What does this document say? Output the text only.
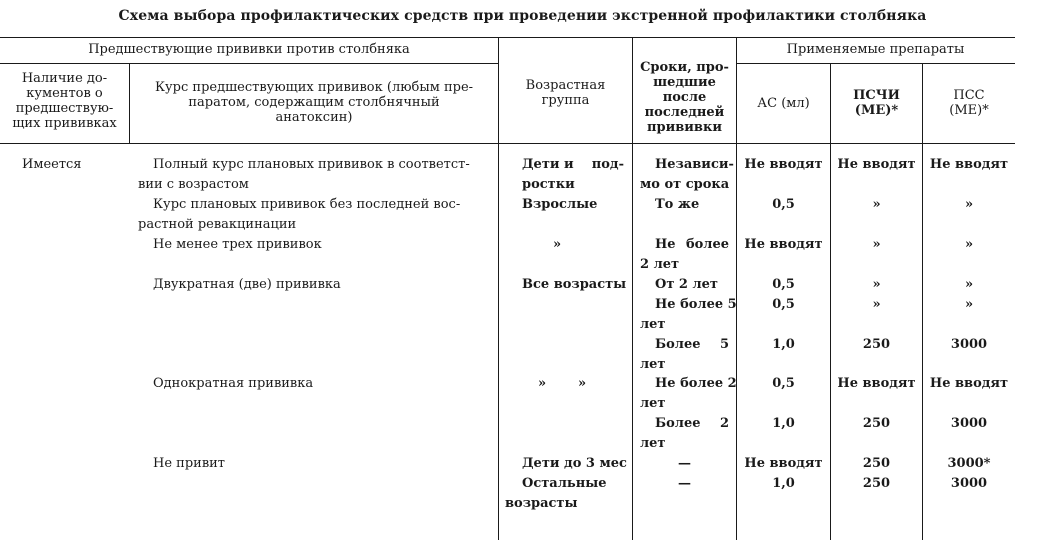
Схема выбора профилактических средств при проведении экстренной профилактики столбняка
Предшествующие прививки против столбняка	Применяемые препараты
Наличие до-
кументов о
предшествую-
щих прививках
Курс предшествующих прививок (любым пре-
паратом, содержащим столбнячный
анатоксин)
Возрастная
группа
Сроки, про-
шедшие после
последней
прививки
АС (мл)
ПСЧИ
(МЕ)*
ПСС
(МЕ)*
Имеется	Полный курс плановых прививок в соответст-
вии с возрастом
Курс плановых прививок без последней вос-
растной ревакцинации
Не менее трех прививок
Двукратная (две) прививка
Однократная прививка
Не привит
Дети и под-
ростки
Взрослые
»
Все возрасты
» »
Дети до 3 мес
Остальные
возрасты
Независи-
мо от срока
То же
Не более
2 лет
От 2 лет
Не более 5
лет
Более 5
лет
Не более 2
лет
Более 2
лет
—
—
Не вводят
0,5
Не вводят
0,5
0,5
1,0
0,5
1,0
Не вводят
1,0
Не вводят
»
»
»
»
250
Не вводят
250
250
250
Не вводят
»
»
»
»
3000
Не вводят
3000
3000*
3000
